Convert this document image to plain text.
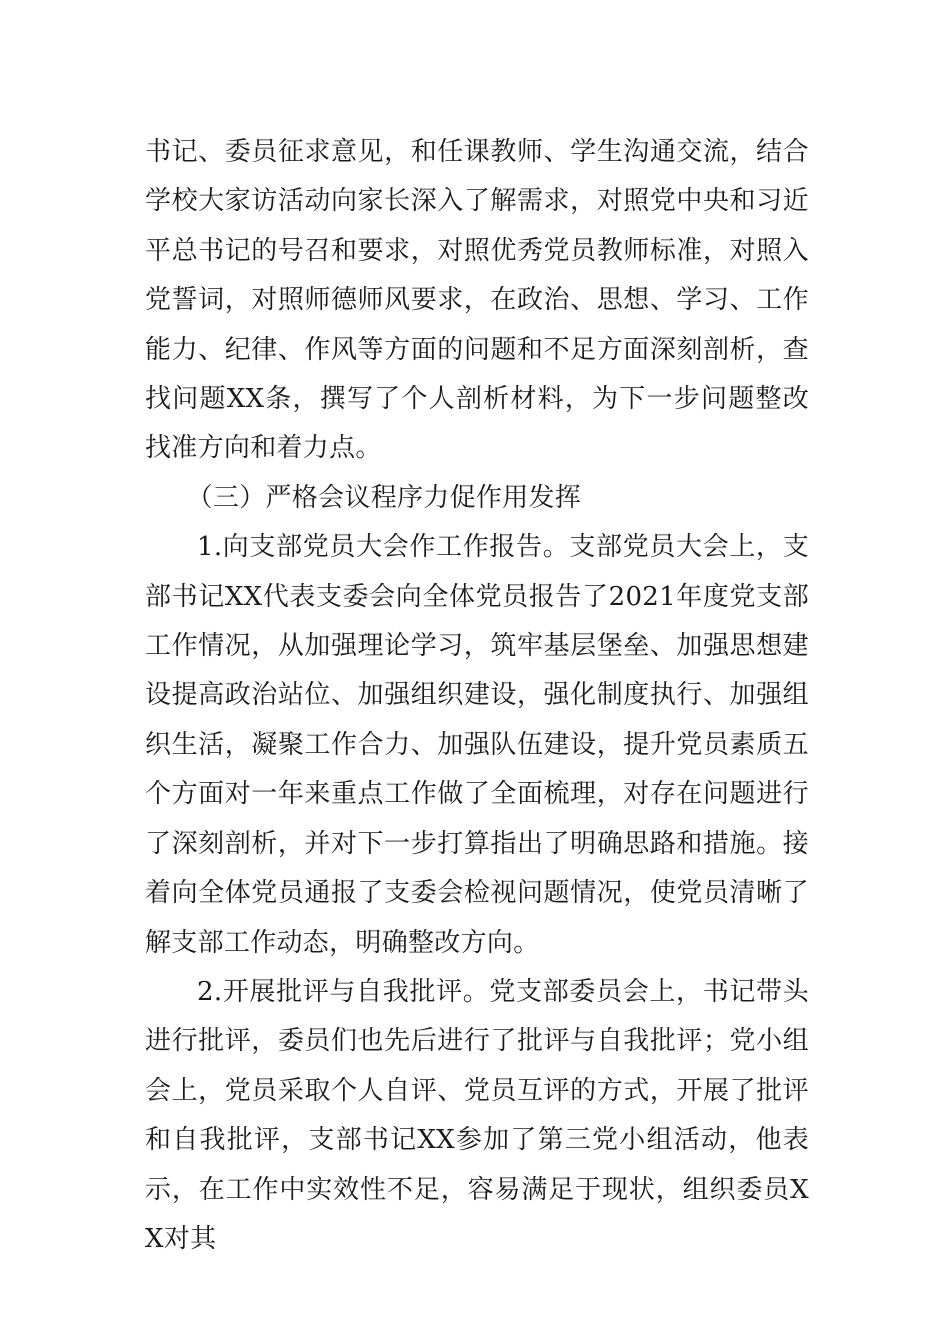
书记、委员征求意见，和任课教师、学生沟通交流，结合学校大家访活动向家长深入了解需求，对照党中央和习近平总书记的号召和要求，对照优秀党员教师标准，对照入党誓词，对照师德师风要求，在政治、思想、学习、工作能力、纪律、作风等方面的问题和不足方面深刻剖析，查找问题XX条，撰写了个人剖析材料，为下一步问题整改找准方向和着力点。

（三）严格会议程序力促作用发挥

1.向支部党员大会作工作报告。支部党员大会上，支部书记XX代表支委会向全体党员报告了2021年度党支部工作情况，从加强理论学习，筑牢基层堡垒、加强思想建设提高政治站位、加强组织建设，强化制度执行、加强组织生活，凝聚工作合力、加强队伍建设，提升党员素质五个方面对一年来重点工作做了全面梳理，对存在问题进行了深刻剖析，并对下一步打算指出了明确思路和措施。接着向全体党员通报了支委会检视问题情况，使党员清晰了解支部工作动态，明确整改方向。

2.开展批评与自我批评。党支部委员会上，书记带头进行批评，委员们也先后进行了批评与自我批评；党小组会上，党员采取个人自评、党员互评的方式，开展了批评和自我批评，支部书记XX参加了第三党小组活动，他表示，在工作中实效性不足，容易满足于现状，组织委员XX对其
